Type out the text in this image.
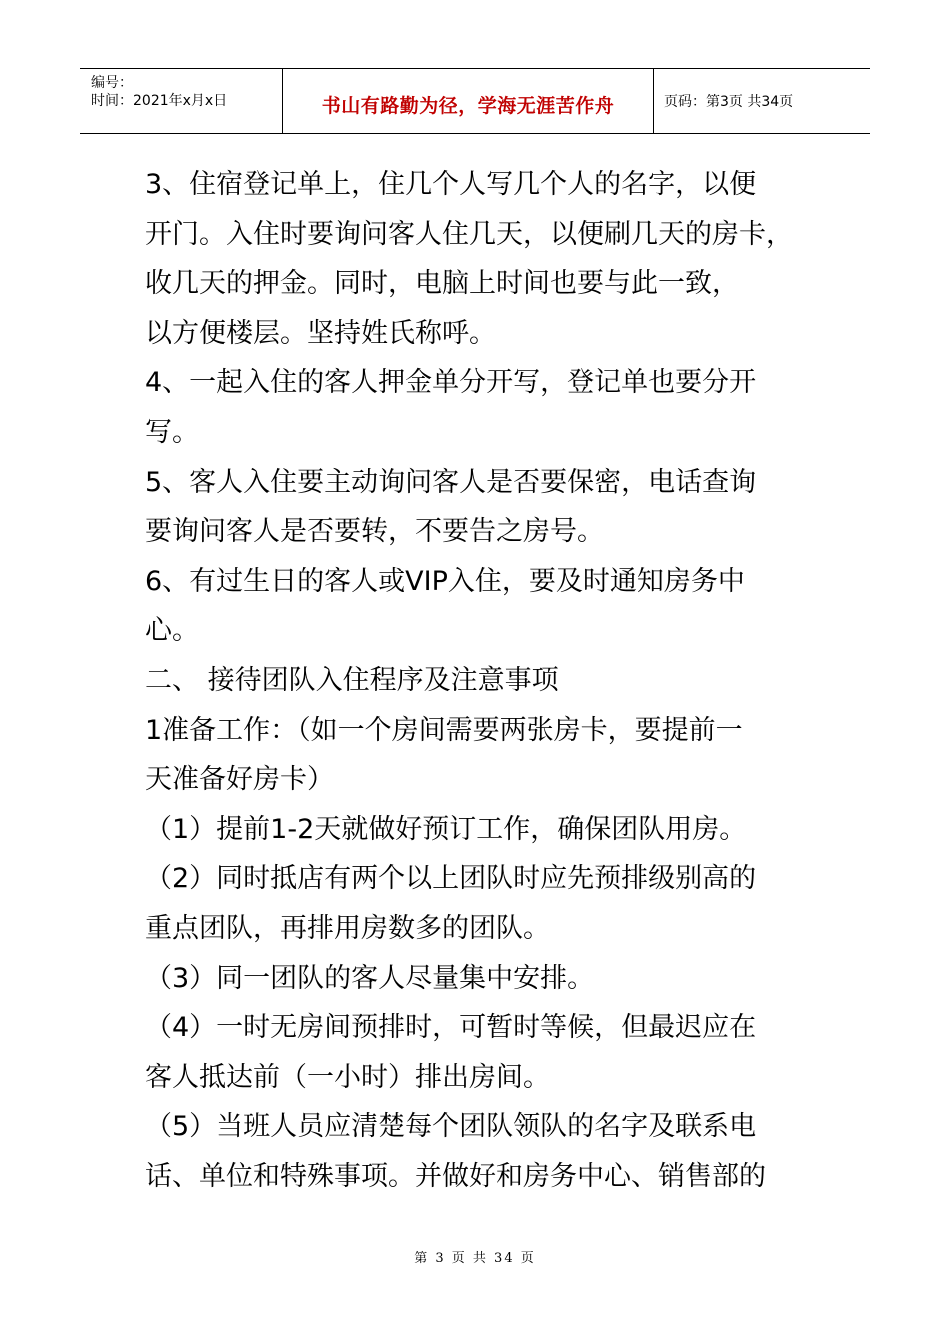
编号：
时间：2021年x月x日	书山有路勤为径，学海无涯苦作舟	页码：第3页 共34页

3、住宿登记单上，住几个人写几个人的名字，以便

开门。入住时要询问客人住几天，以便刷几天的房卡，

收几天的押金。同时，电脑上时间也要与此一致，

以方便楼层。坚持姓氏称呼。

4、一起入住的客人押金单分开写，登记单也要分开

写。

5、客人入住要主动询问客人是否要保密，电话查询

要询问客人是否要转，不要告之房号。

6、有过生日的客人或VIP入住，要及时通知房务中

心。

二、 接待团队入住程序及注意事项

1准备工作：（如一个房间需要两张房卡，要提前一

天准备好房卡）

（1）提前1-2天就做好预订工作，确保团队用房。

（2）同时抵店有两个以上团队时应先预排级别高的

重点团队，再排用房数多的团队。

（3）同一团队的客人尽量集中安排。

（4）一时无房间预排时，可暂时等候，但最迟应在

客人抵达前（一小时）排出房间。

（5）当班人员应清楚每个团队领队的名字及联系电

话、单位和特殊事项。并做好和房务中心、销售部的

第 3 页 共 34 页
